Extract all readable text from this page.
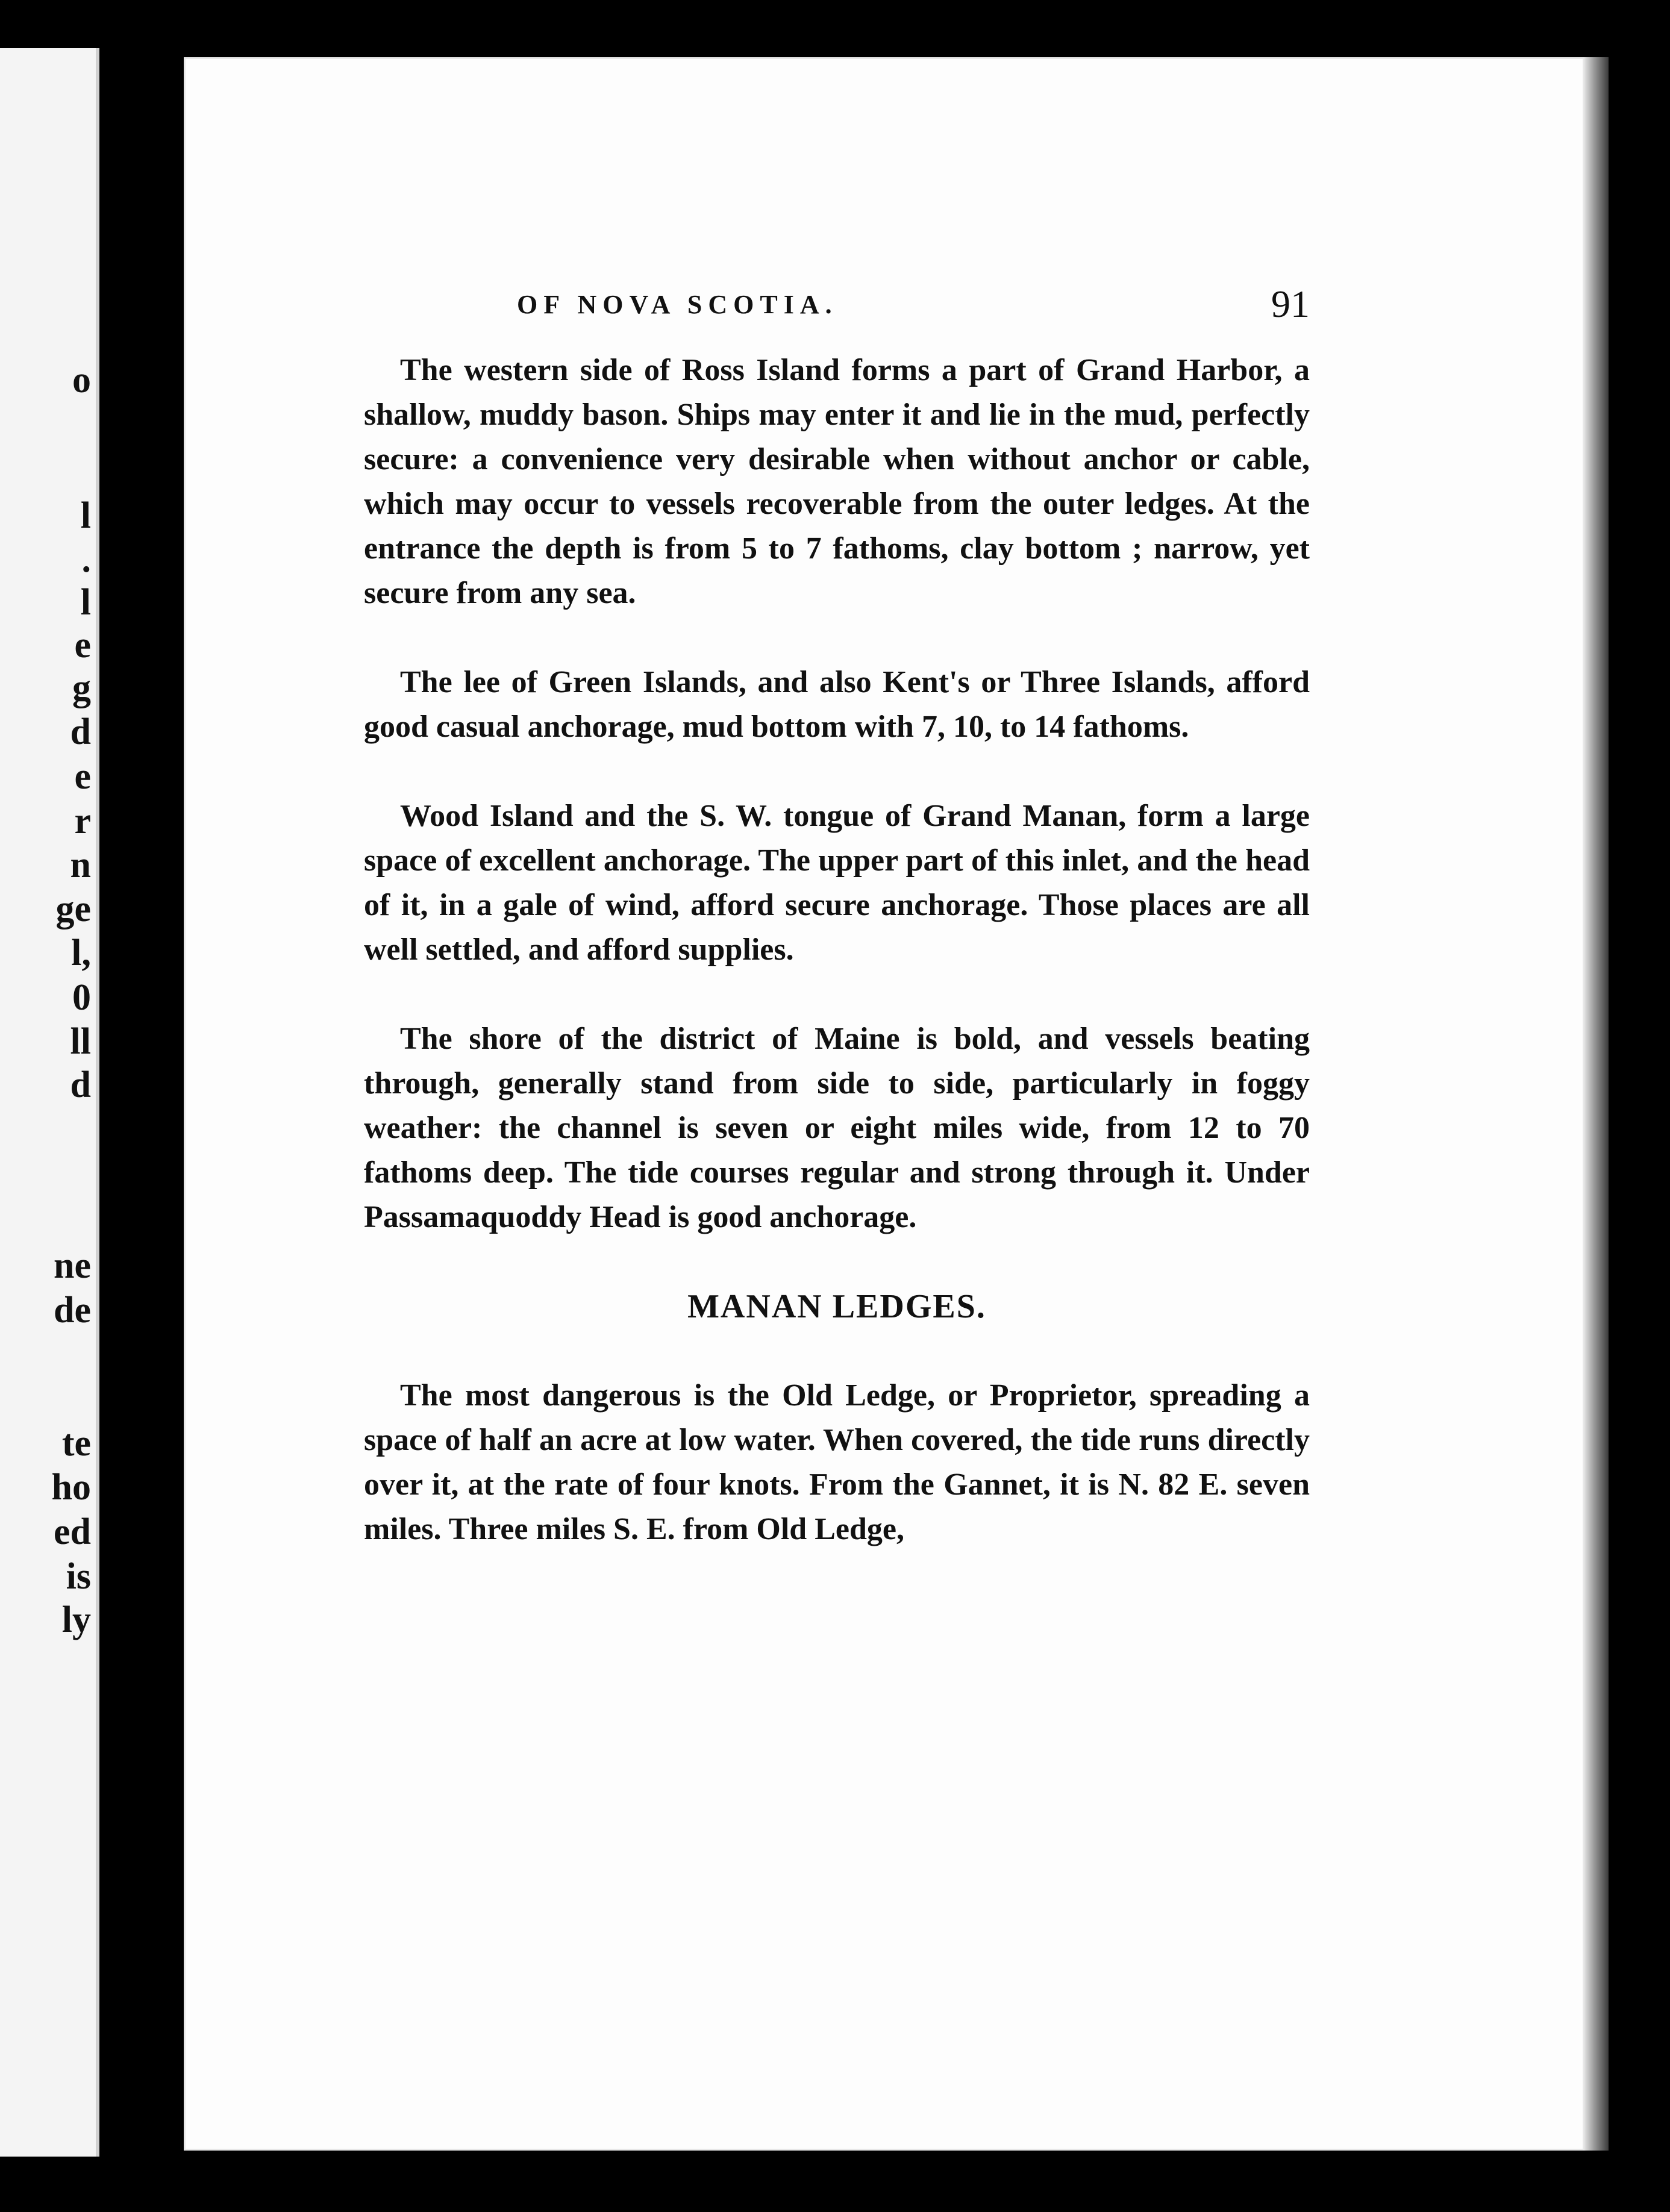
o
l
.
l
e
g
d
e
r
n
ge
l,
0
ll
d
ne
de
te
ho
ed
is
ly
OF NOVA SCOTIA.	91

The western side of Ross Island forms a part of Grand Harbor, a shallow, muddy bason. Ships may enter it and lie in the mud, perfectly secure: a convenience very desirable when without anchor or cable, which may occur to vessels recoverable from the outer ledges. At the entrance the depth is from 5 to 7 fathoms, clay bottom ; narrow, yet secure from any sea.

The lee of Green Islands, and also Kent's or Three Islands, afford good casual anchorage, mud bottom with 7, 10, to 14 fathoms.

Wood Island and the S. W. tongue of Grand Manan, form a large space of excellent anchorage. The upper part of this inlet, and the head of it, in a gale of wind, afford secure anchorage. Those places are all well settled, and afford supplies.

The shore of the district of Maine is bold, and vessels beating through, generally stand from side to side, particularly in foggy weather: the channel is seven or eight miles wide, from 12 to 70 fathoms deep. The tide courses regular and strong through it. Under Passamaquoddy Head is good anchorage.

MANAN LEDGES.

The most dangerous is the Old Ledge, or Proprietor, spreading a space of half an acre at low water. When covered, the tide runs directly over it, at the rate of four knots. From the Gannet, it is N. 82 E. seven miles. Three miles S. E. from Old Ledge,
